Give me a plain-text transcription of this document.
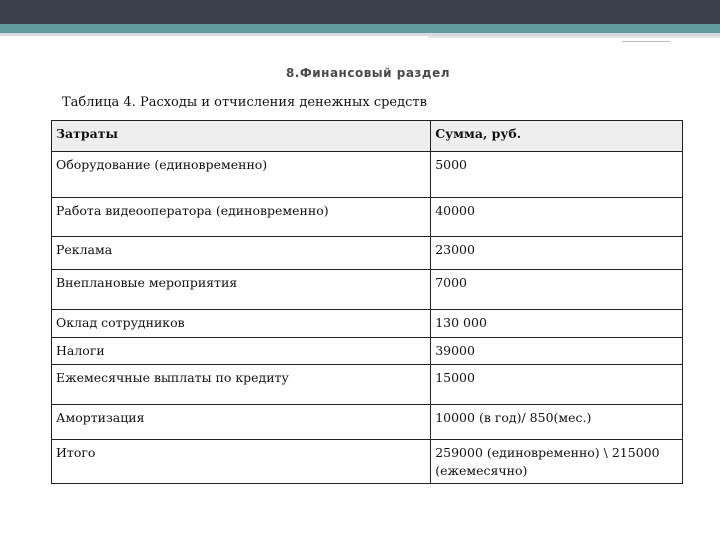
8.Финансовый раздел
Таблица 4. Расходы и отчисления денежных средств
Затраты	Сумма, руб.
Оборудование (единовременно)	5000
Работа видеооператора (единовременно)	40000
Реклама	23000
Внеплановые мероприятия	7000
Оклад сотрудников	130 000
Налоги	39000
Ежемесячные выплаты по кредиту	15000
Амортизация	10000 (в год)/ 850(мес.)
Итого	259000 (единовременно) \ 215000 (ежемесячно)
